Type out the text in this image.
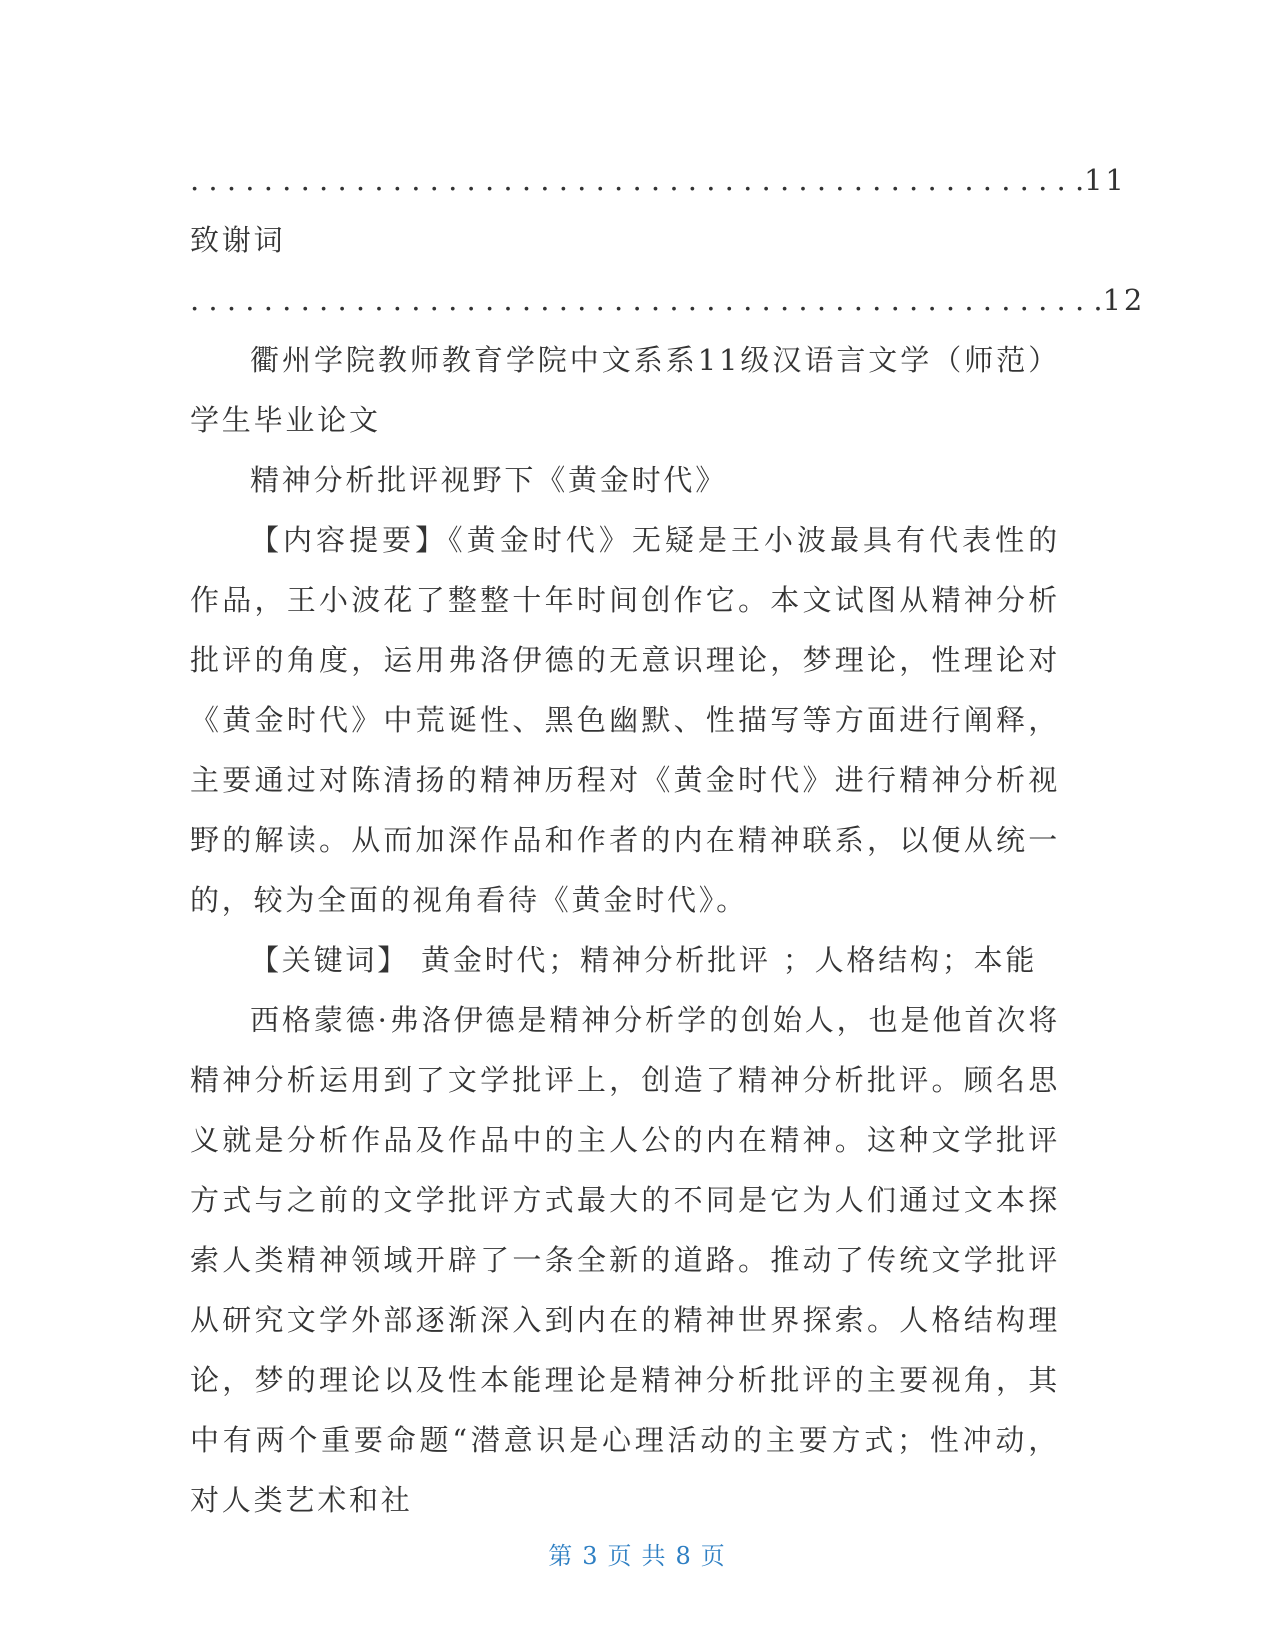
. . . . . . . . . . . . . . . . . . . . . . . . . . . . . . . . . . . . . . . . . . . . . . . . .11
致谢词
. . . . . . . . . . . . . . . . . . . . . . . . . . . . . . . . . . . . . . . . . . . . . . . . . .12

衢州学院教师教育学院中文系系11级汉语言文学（师范）学生毕业论文

精神分析批评视野下《黄金时代》

【内容提要】《黄金时代》无疑是王小波最具有代表性的作品，王小波花了整整十年时间创作它。本文试图从精神分析批评的角度，运用弗洛伊德的无意识理论，梦理论，性理论对《黄金时代》中荒诞性、黑色幽默、性描写等方面进行阐释，主要通过对陈清扬的精神历程对《黄金时代》进行精神分析视野的解读。从而加深作品和作者的内在精神联系，以便从统一的，较为全面的视角看待《黄金时代》。

【关键词】 黄金时代；精神分析批评 ；人格结构；本能

西格蒙德·弗洛伊德是精神分析学的创始人，也是他首次将精神分析运用到了文学批评上，创造了精神分析批评。顾名思义就是分析作品及作品中的主人公的内在精神。这种文学批评方式与之前的文学批评方式最大的不同是它为人们通过文本探索人类精神领域开辟了一条全新的道路。推动了传统文学批评从研究文学外部逐渐深入到内在的精神世界探索。人格结构理论，梦的理论以及性本能理论是精神分析批评的主要视角，其中有两个重要命题“潜意识是心理活动的主要方式；性冲动，对人类艺术和社

第 3 页 共 8 页
